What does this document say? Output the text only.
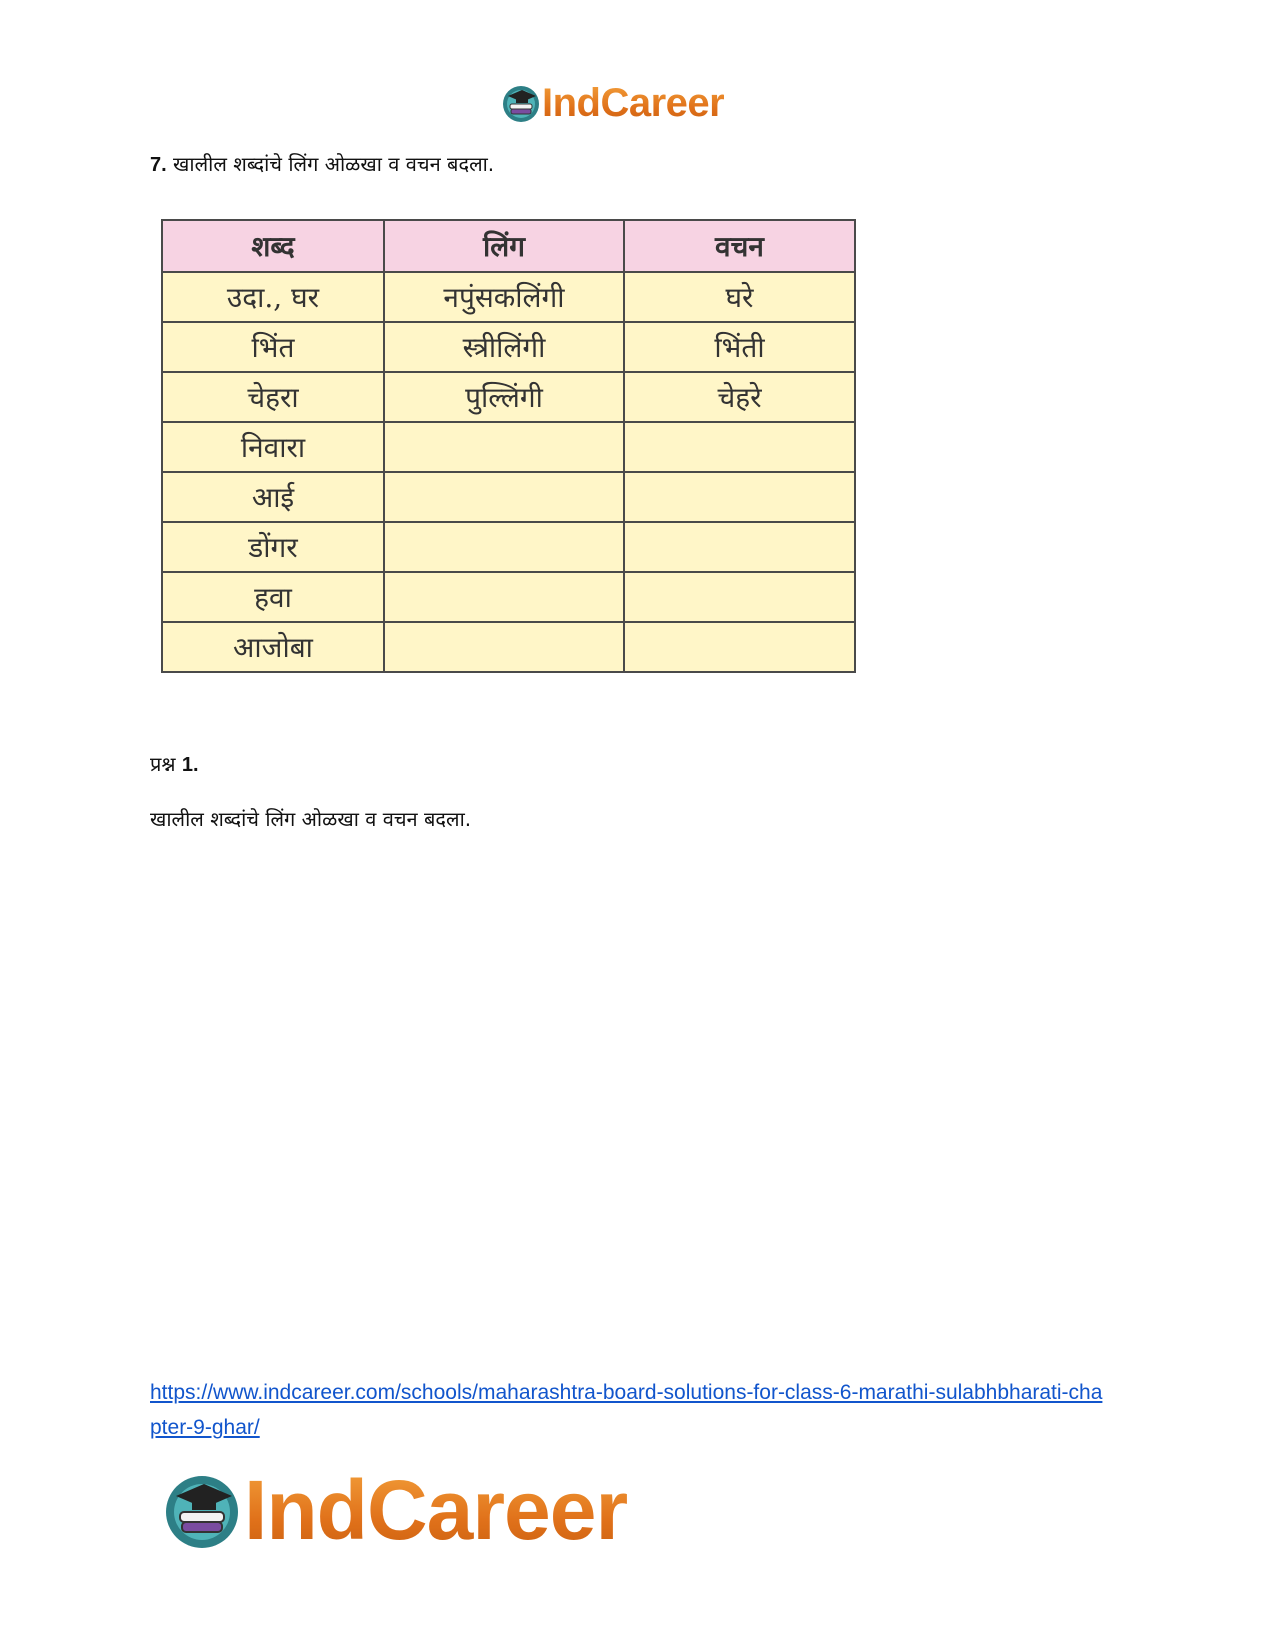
IndCareer
7. खालील शब्दांचे लिंग ओळखा व वचन बदला.
शब्द	लिंग	वचन
उदा., घर	नपुंसकलिंगी	घरे
भिंत	स्त्रीलिंगी	भिंती
चेहरा	पुल्लिंगी	चेहरे
निवारा		
आई		
डोंगर		
हवा		
आजोबा		
प्रश्न 1.
खालील शब्दांचे लिंग ओळखा व वचन बदला.
https://www.indcareer.com/schools/maharashtra-board-solutions-for-class-6-marathi-sulabhbharati-chapter-9-ghar/
IndCareer
